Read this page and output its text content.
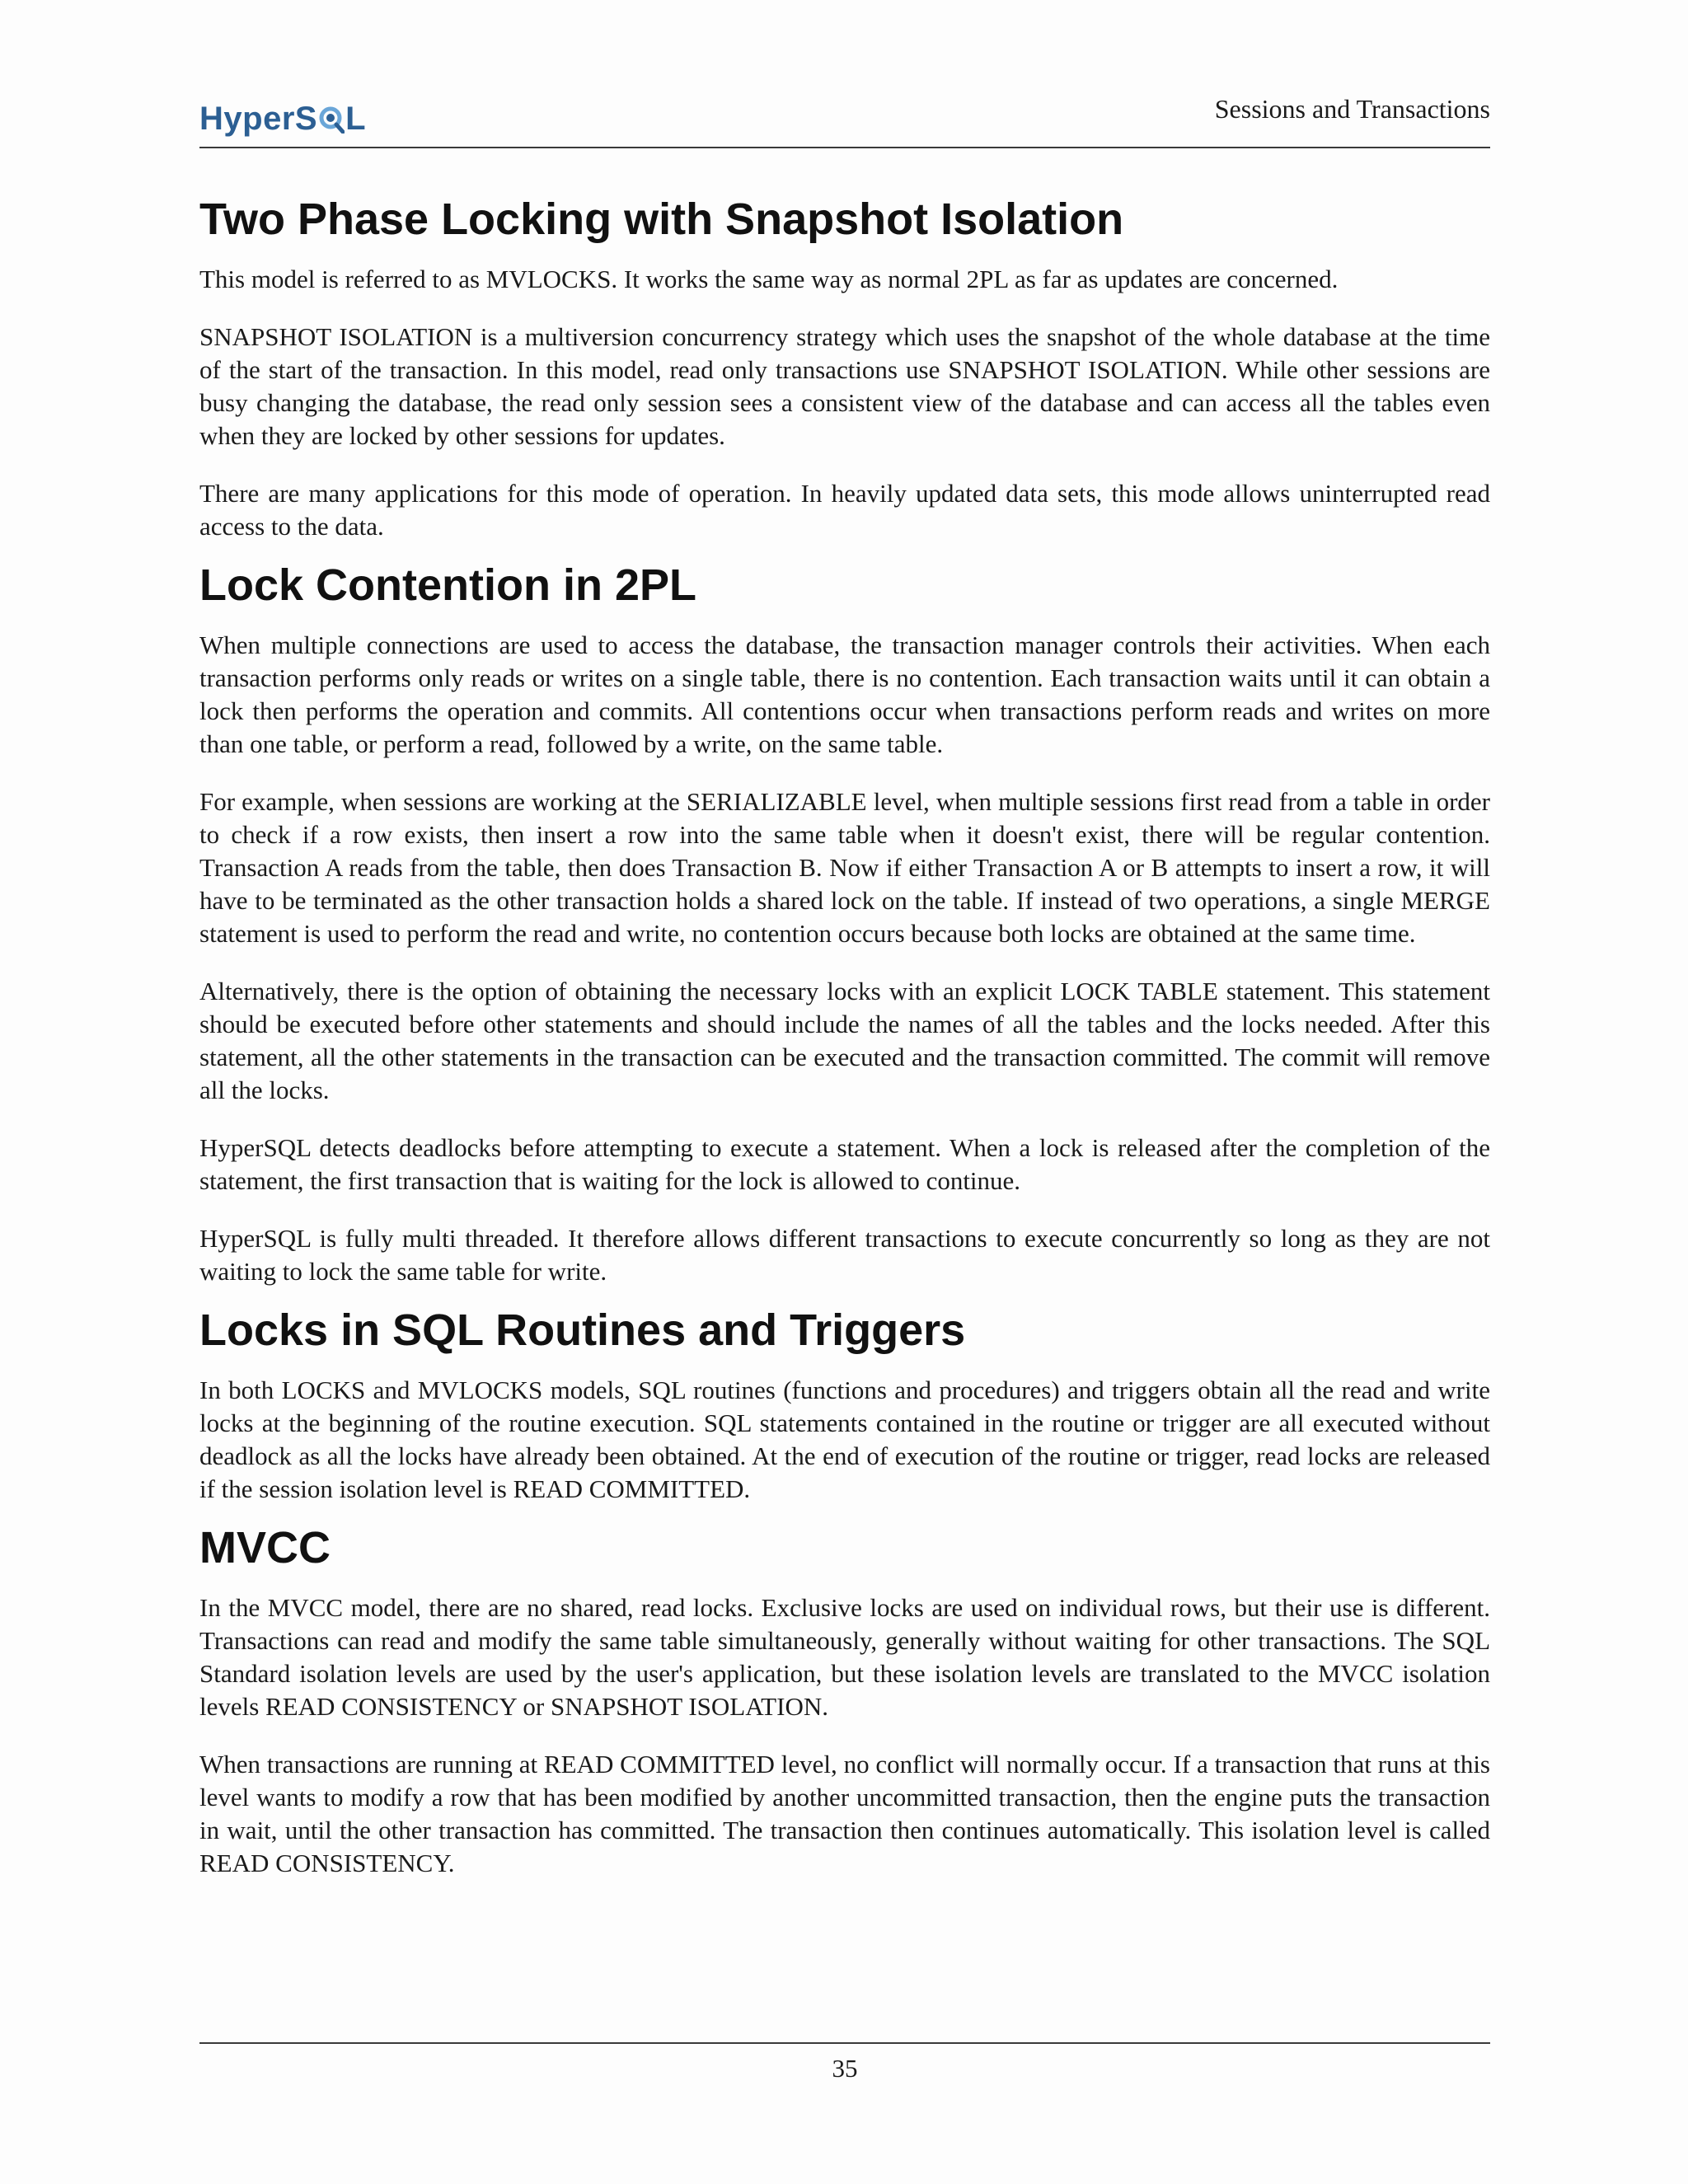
HyperS L	Sessions and Transactions
Two Phase Locking with Snapshot Isolation

This model is referred to as MVLOCKS. It works the same way as normal 2PL as far as updates are concerned.

SNAPSHOT ISOLATION is a multiversion concurrency strategy which uses the snapshot of the whole database at the time of the start of the transaction. In this model, read only transactions use SNAPSHOT ISOLATION. While other sessions are busy changing the database, the read only session sees a consistent view of the database and can access all the tables even when they are locked by other sessions for updates.

There are many applications for this mode of operation. In heavily updated data sets, this mode allows uninterrupted read access to the data.

Lock Contention in 2PL

When multiple connections are used to access the database, the transaction manager controls their activities. When each transaction performs only reads or writes on a single table, there is no contention. Each transaction waits until it can obtain a lock then performs the operation and commits. All contentions occur when transactions perform reads and writes on more than one table, or perform a read, followed by a write, on the same table.

For example, when sessions are working at the SERIALIZABLE level, when multiple sessions first read from a table in order to check if a row exists, then insert a row into the same table when it doesn't exist, there will be regular contention. Transaction A reads from the table, then does Transaction B. Now if either Transaction A or B attempts to insert a row, it will have to be terminated as the other transaction holds a shared lock on the table. If instead of two operations, a single MERGE statement is used to perform the read and write, no contention occurs because both locks are obtained at the same time.

Alternatively, there is the option of obtaining the necessary locks with an explicit LOCK TABLE statement. This statement should be executed before other statements and should include the names of all the tables and the locks needed. After this statement, all the other statements in the transaction can be executed and the transaction committed. The commit will remove all the locks.

HyperSQL detects deadlocks before attempting to execute a statement. When a lock is released after the completion of the statement, the first transaction that is waiting for the lock is allowed to continue.

HyperSQL is fully multi threaded. It therefore allows different transactions to execute concurrently so long as they are not waiting to lock the same table for write.

Locks in SQL Routines and Triggers

In both LOCKS and MVLOCKS models, SQL routines (functions and procedures) and triggers obtain all the read and write locks at the beginning of the routine execution. SQL statements contained in the routine or trigger are all executed without deadlock as all the locks have already been obtained. At the end of execution of the routine or trigger, read locks are released if the session isolation level is READ COMMITTED.

MVCC

In the MVCC model, there are no shared, read locks. Exclusive locks are used on individual rows, but their use is different. Transactions can read and modify the same table simultaneously, generally without waiting for other transactions. The SQL Standard isolation levels are used by the user's application, but these isolation levels are translated to the MVCC isolation levels READ CONSISTENCY or SNAPSHOT ISOLATION.

When transactions are running at READ COMMITTED level, no conflict will normally occur. If a transaction that runs at this level wants to modify a row that has been modified by another uncommitted transaction, then the engine puts the transaction in wait, until the other transaction has committed. The transaction then continues automatically. This isolation level is called READ CONSISTENCY.

35
